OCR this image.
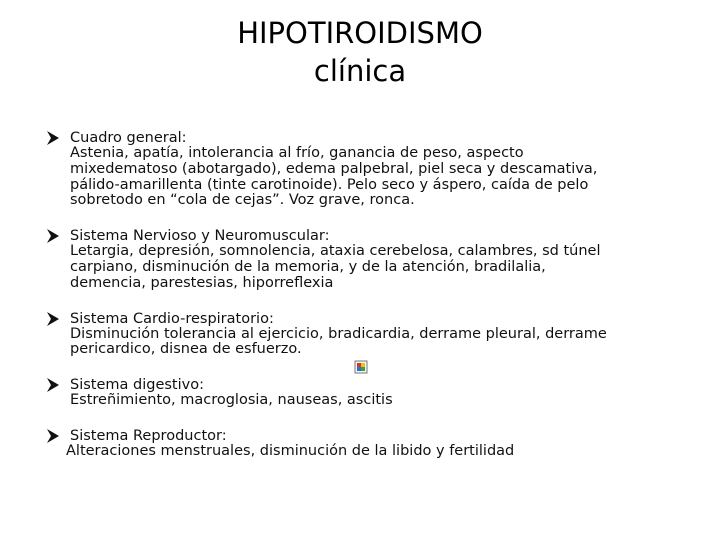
HIPOTIROIDISMO
clínica
Cuadro general:
Astenia, apatía, intolerancia al frío, ganancia de peso, aspecto
mixedematoso (abotargado), edema palpebral, piel seca y descamativa,
pálido-amarillenta (tinte carotinoide). Pelo seco y áspero, caída de pelo
sobretodo en “cola de cejas”. Voz grave, ronca.
Sistema Nervioso y Neuromuscular:
Letargia, depresión, somnolencia, ataxia cerebelosa, calambres, sd túnel
carpiano, disminución de la memoria, y de la atención, bradilalia,
demencia, parestesias, hiporreflexia
Sistema Cardio-respiratorio:
Disminución tolerancia al ejercicio, bradicardia, derrame pleural, derrame
pericardico, disnea de esfuerzo.
Sistema digestivo:
Estreñimiento, macroglosia, nauseas, ascitis
Sistema Reproductor:
Alteraciones menstruales, disminución de la libido y fertilidad
